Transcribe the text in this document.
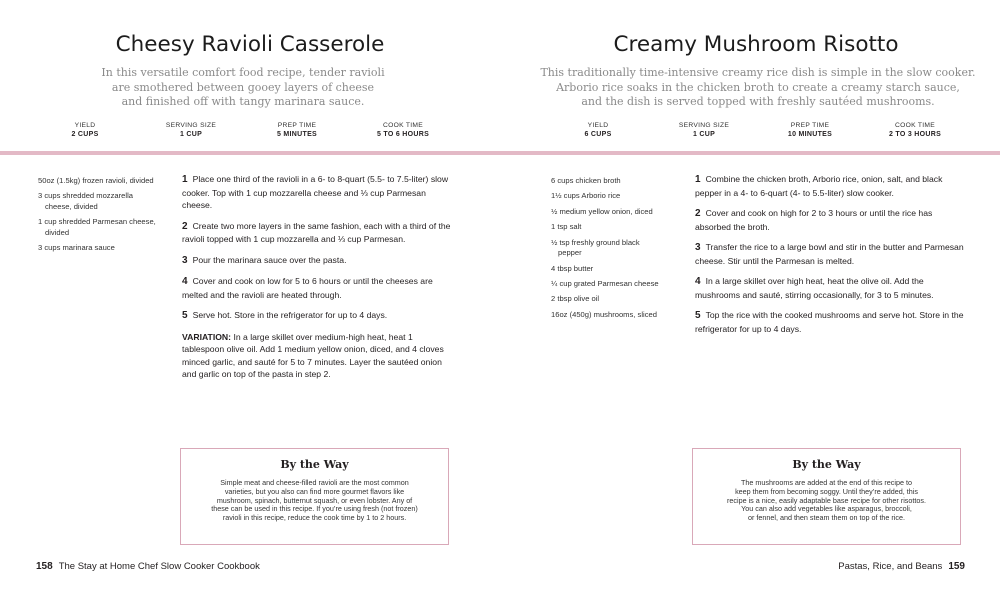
Cheesy Ravioli Casserole

In this versatile comfort food recipe, tender ravioli
are smothered between gooey layers of cheese
and finished off with tangy marinara sauce.

YIELD
2 CUPS
SERVING SIZE
1 CUP
PREP TIME
5 MINUTES
COOK TIME
5 TO 6 HOURS
50oz (1.5kg) frozen ravioli, divided
3 cups shredded mozzarella cheese, divided
1 cup shredded Parmesan cheese, divided
3 cups marinara sauce
1 Place one third of the ravioli in a 6- to 8-quart (5.5- to 7.5-liter) slow cooker. Top with 1 cup mozzarella cheese and ⅓ cup Parmesan cheese.
2 Create two more layers in the same fashion, each with a third of the ravioli topped with 1 cup mozzarella and ⅓ cup Parmesan.
3 Pour the marinara sauce over the pasta.
4 Cover and cook on low for 5 to 6 hours or until the cheeses are melted and the ravioli are heated through.
5 Serve hot. Store in the refrigerator for up to 4 days.
VARIATION: In a large skillet over medium-high heat, heat 1 tablespoon olive oil. Add 1 medium yellow onion, diced, and 4 cloves minced garlic, and sauté for 5 to 7 minutes. Layer the sautéed onion and garlic on top of the pasta in step 2.
By the Way
Simple meat and cheese-filled ravioli are the most common
varieties, but you also can find more gourmet flavors like
mushroom, spinach, butternut squash, or even lobster. Any of
these can be used in this recipe. If you’re using fresh (not frozen)
ravioli in this recipe, reduce the cook time by 1 to 2 hours.
158 The Stay at Home Chef Slow Cooker Cookbook
Creamy Mushroom Risotto

This traditionally time-intensive creamy rice dish is simple in the slow cooker.
Arborio rice soaks in the chicken broth to create a creamy starch sauce,
and the dish is served topped with freshly sautéed mushrooms.

YIELD
6 CUPS
SERVING SIZE
1 CUP
PREP TIME
10 MINUTES
COOK TIME
2 TO 3 HOURS
6 cups chicken broth
1½ cups Arborio rice
½ medium yellow onion, diced
1 tsp salt
½ tsp freshly ground black pepper
4 tbsp butter
¼ cup grated Parmesan cheese
2 tbsp olive oil
16oz (450g) mushrooms, sliced
1 Combine the chicken broth, Arborio rice, onion, salt, and black pepper in a 4- to 6-quart (4- to 5.5-liter) slow cooker.
2 Cover and cook on high for 2 to 3 hours or until the rice has absorbed the broth.
3 Transfer the rice to a large bowl and stir in the butter and Parmesan cheese. Stir until the Parmesan is melted.
4 In a large skillet over high heat, heat the olive oil. Add the mushrooms and sauté, stirring occasionally, for 3 to 5 minutes.
5 Top the rice with the cooked mushrooms and serve hot. Store in the refrigerator for up to 4 days.
By the Way
The mushrooms are added at the end of this recipe to
keep them from becoming soggy. Until they’re added, this
recipe is a nice, easily adaptable base recipe for other risottos.
You can also add vegetables like asparagus, broccoli,
or fennel, and then steam them on top of the rice.
Pastas, Rice, and Beans 159
